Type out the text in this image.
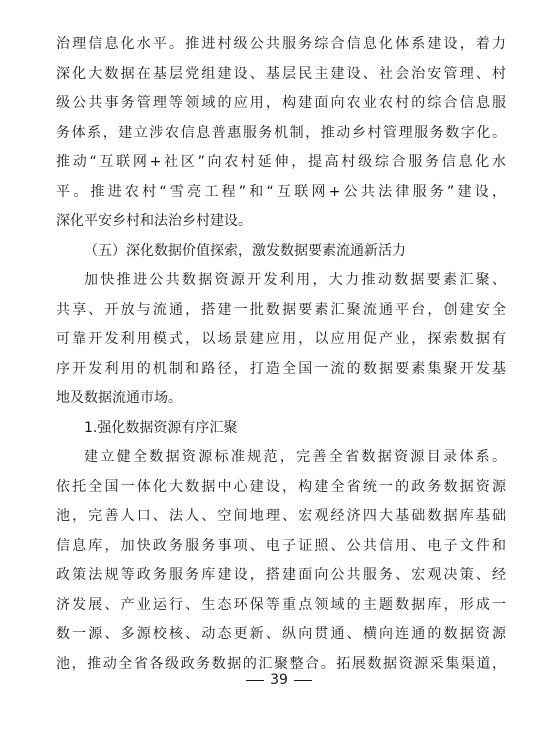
治理信息化水平。推进村级公共服务综合信息化体系建设，着力
深化大数据在基层党组建设、基层民主建设、社会治安管理、村
级公共事务管理等领域的应用，构建面向农业农村的综合信息服
务体系，建立涉农信息普惠服务机制，推动乡村管理服务数字化。
推动“互联网+社区”向农村延伸，提高村级综合服务信息化水
平。推进农村“雪亮工程”和“互联网+公共法律服务”建设，
深化平安乡村和法治乡村建设。
（五）深化数据价值探索，激发数据要素流通新活力
加快推进公共数据资源开发利用，大力推动数据要素汇聚、
共享、开放与流通，搭建一批数据要素汇聚流通平台，创建安全
可靠开发利用模式，以场景建应用，以应用促产业，探索数据有
序开发利用的机制和路径，打造全国一流的数据要素集聚开发基
地及数据流通市场。
1.强化数据资源有序汇聚
建立健全数据资源标准规范，完善全省数据资源目录体系。
依托全国一体化大数据中心建设，构建全省统一的政务数据资源
池，完善人口、法人、空间地理、宏观经济四大基础数据库基础
信息库，加快政务服务事项、电子证照、公共信用、电子文件和
政策法规等政务服务库建设，搭建面向公共服务、宏观决策、经
济发展、产业运行、生态环保等重点领域的主题数据库，形成一
数一源、多源校核、动态更新、纵向贯通、横向连通的数据资源
池，推动全省各级政务数据的汇聚整合。拓展数据资源采集渠道，
39
